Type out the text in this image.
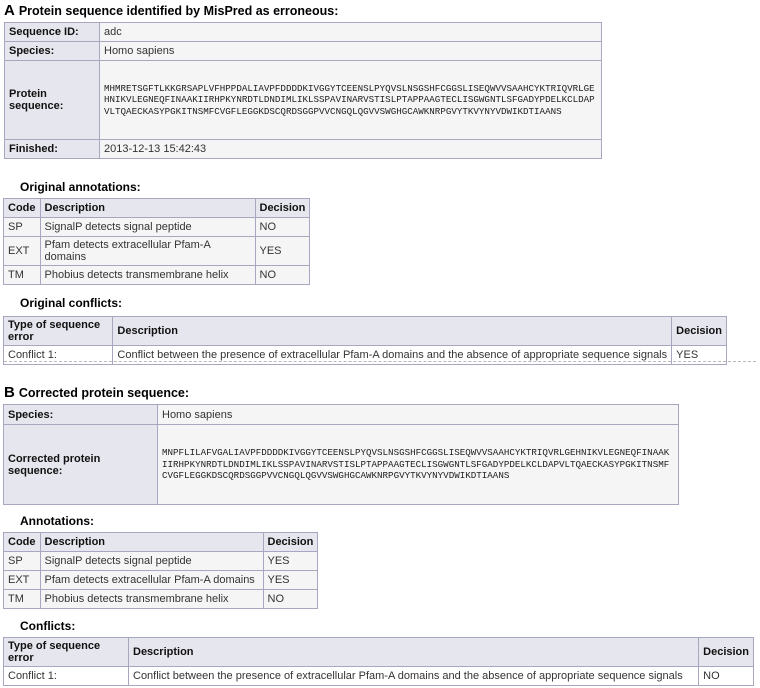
A Protein sequence identified by MisPred as erroneous:
Sequence ID:	adc
Species:	Homo sapiens
Protein sequence:	MHMRETSGFTLKKGRSAPLVFHPPDALIAVPFDDDDKIVGGYTCEENSLPYQVSLNSGSHFCGGSLISEQWVVSAAHCYKTRIQVRLGEHNIKVLEGNEQFINAAKIIRHPKYNRDTLDNDIMLIKLSSPAVINARVSTISLPTAPPAAGTECLISGWGNTLSFGADYPDELKCLDAPVLTQAECKASYPGKITNSMFCVGFLEGGKDSCQRDSGGPVVCNGQLQGVVSWGHGCAWKNRPGVYTKVYNYVDWIKDTIAANS

Finished:	2013-12-13 15:42:43
Original annotations:
Code	Description	Decision
SP	SignalP detects signal peptide	NO
EXT	Pfam detects extracellular Pfam-A domains	YES
TM	Phobius detects transmembrane helix	NO
Original conflicts:
Type of sequence error	Description	Decision
Conflict 1:	Conflict between the presence of extracellular Pfam-A domains and the absence of appropriate sequence signals	YES
B Corrected protein sequence:
Species:	Homo sapiens
Corrected protein sequence:	MNPFLILAFVGALIAVPFDDDDKIVGGYTCEENSLPYQVSLNSGSHFCGGSLISEQWVVSAAHCYKTRIQVRLGEHNIKVLEGNEQFINAAKIIRHPKYNRDTLDNDIMLIKLSSPAVINARVSTISLPTAPPAAGTECLISGWGNTLSFGADYPDELKCLDAPVLTQAECKASYPGKITNSMFCVGFLEGGKDSCQRDSGGPVVCNGQLQGVVSWGHGCAWKNRPGVYTKVYNYVDWIKDTIAANS
Annotations:
Code	Description	Decision
SP	SignalP detects signal peptide	YES
EXT	Pfam detects extracellular Pfam-A domains	YES
TM	Phobius detects transmembrane helix	NO
Conflicts:
Type of sequence error	Description	Decision
Conflict 1:	Conflict between the presence of extracellular Pfam-A domains and the absence of appropriate sequence signals	NO
